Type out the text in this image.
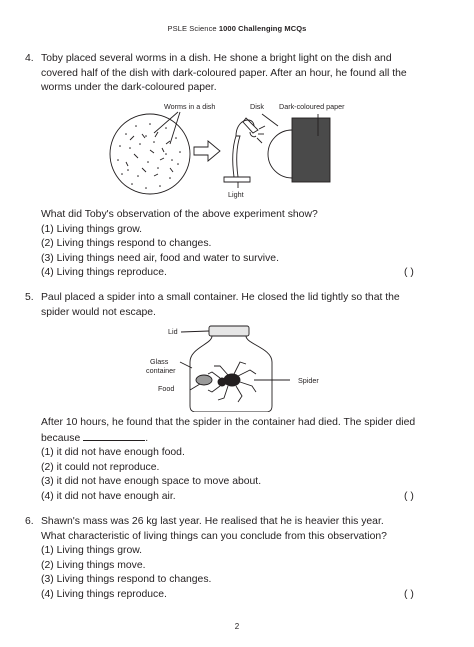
PSLE Science 1000 Challenging MCQs
4. Toby placed several worms in a dish. He shone a bright light on the dish and

covered half of the dish with dark-coloured paper. After an hour, he found all the

worms under the dark-coloured paper.

Worms in a dish	Disk Dark-coloured paper
Light

What did Toby's observation of the above experiment show?

(1) Living things grow.

(2) Living things respond to changes.

(3) Living things need air, food and water to survive.

(4) Living things reproduce.	( )

5. Paul placed a spider into a small container. He closed the lid tightly so that the

spider would not escape.

Lid
Glass
container
Food
Spider

After 10 hours, he found that the spider in the container had died. The spider died

because	.

(1) it did not have enough food.

(2) it could not reproduce.

(3) it did not have enough space to move about.

(4) it did not have enough air.	( )

6. Shawn's mass was 26 kg last year. He realised that he is heavier this year.

What characteristic of living things can you conclude from this observation?

(1) Living things grow.

(2) Living things move.

(3) Living things respond to changes.

(4) Living things reproduce.	( )

2
